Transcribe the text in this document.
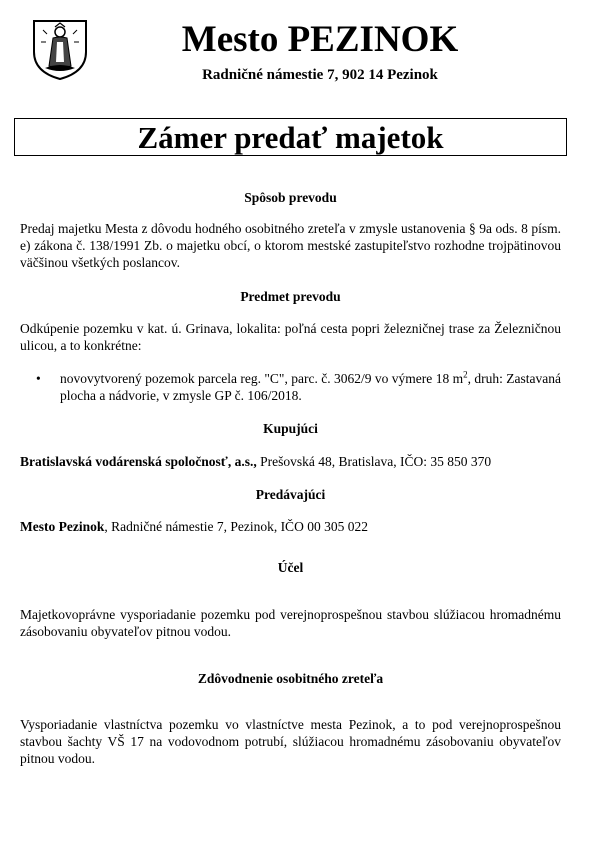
Mesto PEZINOK
Radničné námestie 7, 902 14 Pezinok
Zámer predať majetok
Spôsob prevodu
Predaj majetku Mesta z dôvodu hodného osobitného zreteľa v zmysle ustanovenia § 9a ods. 8 písm. e) zákona č. 138/1991 Zb. o majetku obcí, o ktorom mestské zastupiteľstvo rozhodne trojpätinovou väčšinou všetkých poslancov.
Predmet prevodu
Odkúpenie pozemku v kat. ú. Grinava, lokalita: poľná cesta popri železničnej trase za Železničnou ulicou, a to konkrétne:
•	novovytvorený pozemok parcela reg. "C", parc. č. 3062/9 vo výmere 18 $m^2$, druh: Zastavaná plocha a nádvorie, v zmysle GP č. 106/2018.
Kupujúci
Bratislavská vodárenská spoločnosť, a.s., Prešovská 48, Bratislava, IČO: 35 850 370
Predávajúci
Mesto Pezinok, Radničné námestie 7, Pezinok, IČO 00 305 022
Účel
Majetkovoprávne vysporiadanie pozemku pod verejnoprospešnou stavbou slúžiacou hromadnému zásobovaniu obyvateľov pitnou vodou.
Zdôvodnenie osobitného zreteľa
Vysporiadanie vlastníctva pozemku vo vlastníctve mesta Pezinok, a to pod verejnoprospešnou stavbou šachty VŠ 17 na vodovodnom potrubí, slúžiacou hromadnému zásobovaniu obyvateľov pitnou vodou.
